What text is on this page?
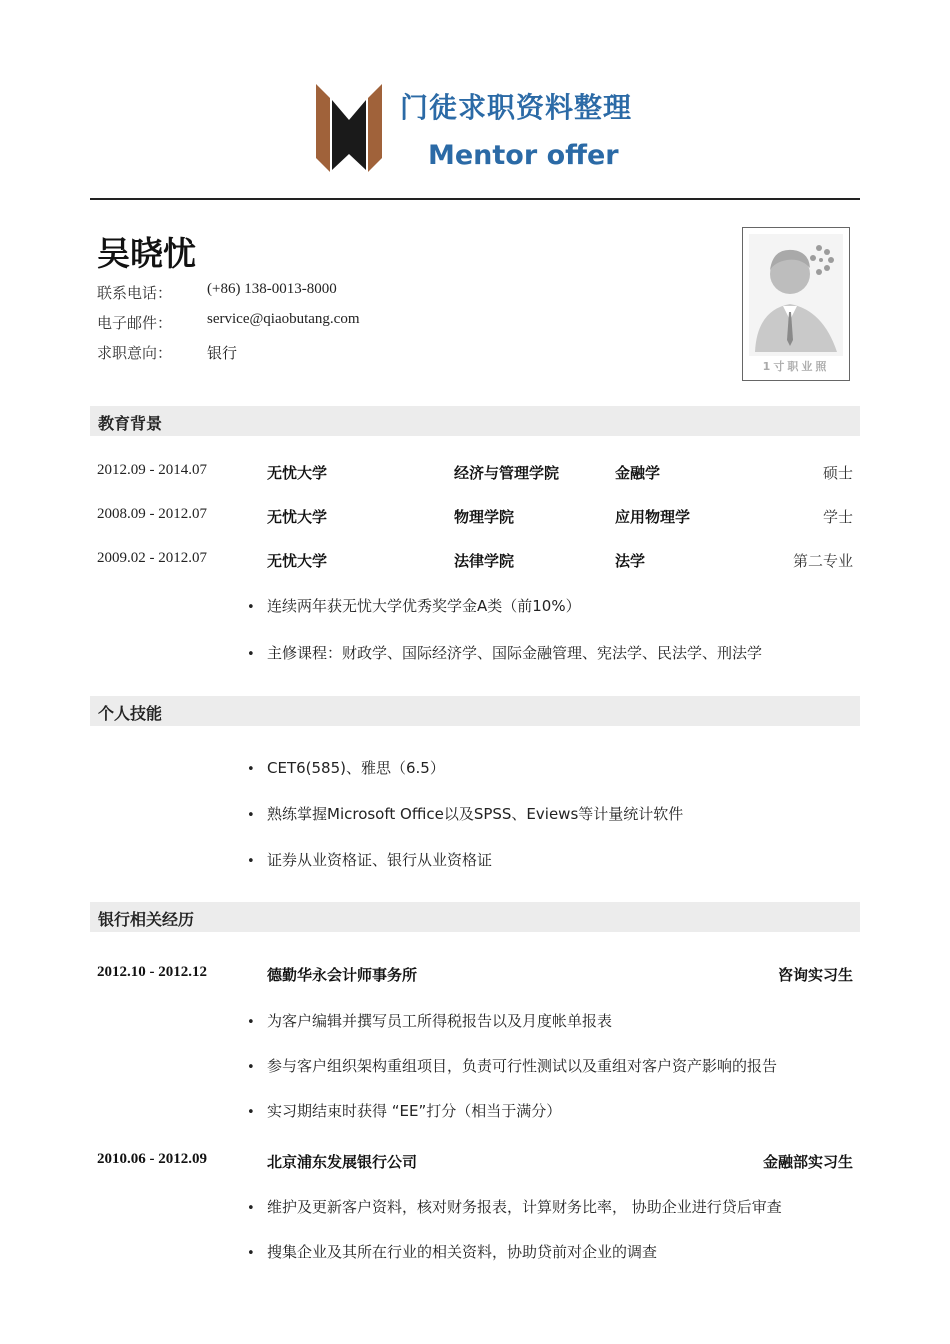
门徒求职资料整理
Mentor offer
吴晓忧
联系电话： (+86) 138-0013-8000
电子邮件： service@qiaobutang.com
求职意向： 银行
1寸职业照
教育背景
2012.09 - 2014.07	无忧大学	经济与管理学院	金融学	硕士
2008.09 - 2012.07	无忧大学	物理学院	应用物理学	学士
2009.02 - 2012.07	无忧大学	法律学院	法学	第二专业
• 连续两年获无忧大学优秀奖学金A类（前10%）
• 主修课程：财政学、国际经济学、国际金融管理、宪法学、民法学、刑法学
个人技能
• CET6(585)、雅思（6.5）
• 熟练掌握Microsoft Office以及SPSS、Eviews等计量统计软件
• 证券从业资格证、银行从业资格证
银行相关经历
2012.10 - 2012.12	德勤华永会计师事务所	咨询实习生
• 为客户编辑并撰写员工所得税报告以及月度帐单报表
• 参与客户组织架构重组项目，负责可行性测试以及重组对客户资产影响的报告
• 实习期结束时获得 “EE”打分（相当于满分）
2010.06 - 2012.09	北京浦东发展银行公司	金融部实习生
• 维护及更新客户资料，核对财务报表，计算财务比率， 协助企业进行贷后审查
• 搜集企业及其所在行业的相关资料，协助贷前对企业的调查
